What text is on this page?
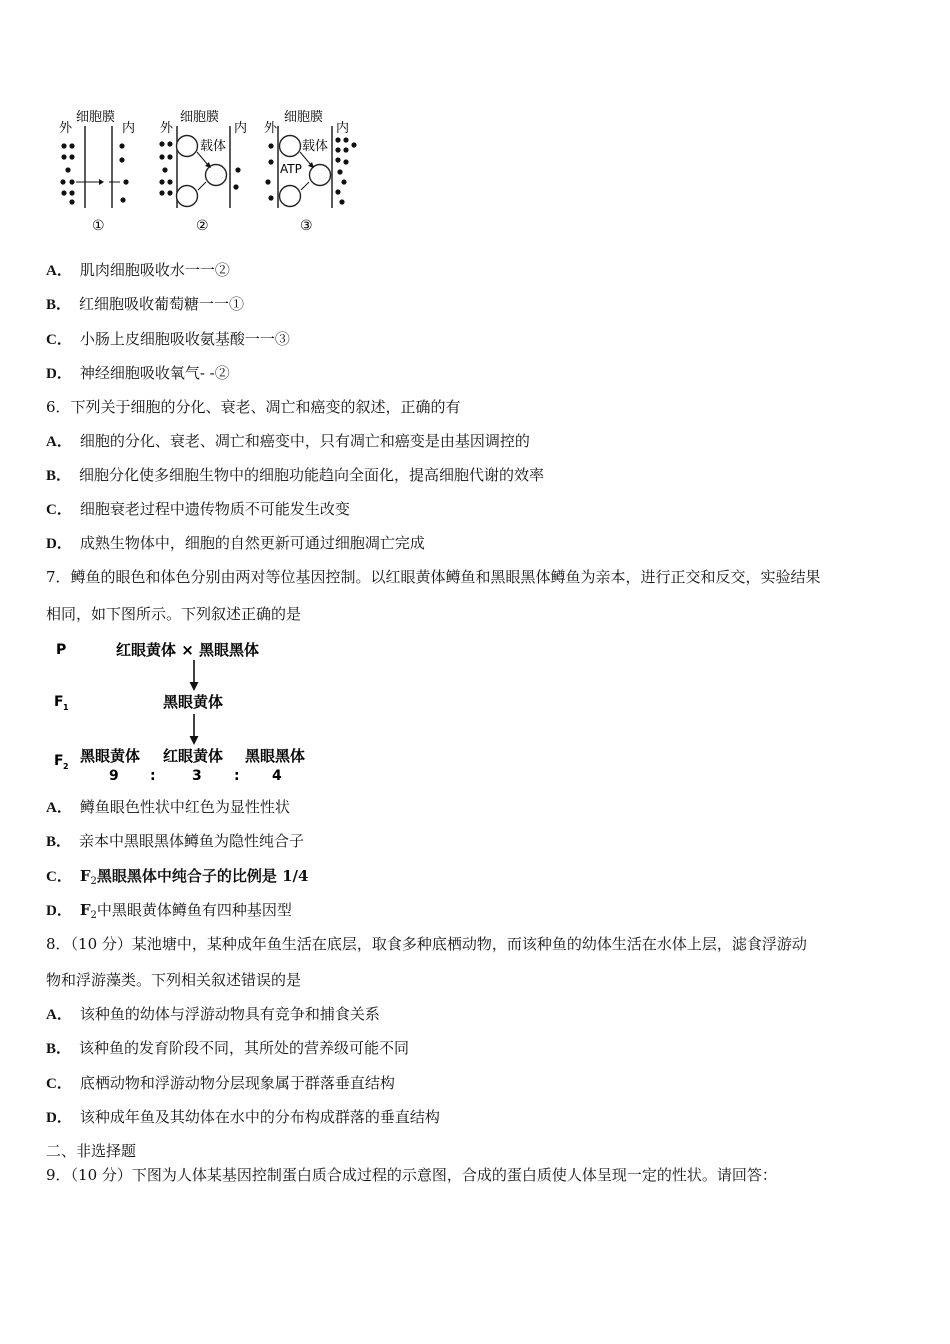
细胞膜
外	内
①
细胞膜
外	内
载体
②
细胞膜
外	内
载体
ATP
③
A． 肌肉细胞吸收水一一②
B． 红细胞吸收葡萄糖一一①
C． 小肠上皮细胞吸收氨基酸一一③
D． 神经细胞吸收氧气- -②
6．下列关于细胞的分化、衰老、凋亡和癌变的叙述，正确的有
A． 细胞的分化、衰老、凋亡和癌变中，只有凋亡和癌变是由基因调控的
B． 细胞分化使多细胞生物中的细胞功能趋向全面化，提高细胞代谢的效率
C． 细胞衰老过程中遗传物质不可能发生改变
D． 成熟生物体中，细胞的自然更新可通过细胞凋亡完成
7．鳟鱼的眼色和体色分别由两对等位基因控制。以红眼黄体鳟鱼和黑眼黑体鳟鱼为亲本，进行正交和反交，实验结果
相同，如下图所示。下列叙述正确的是
P	红眼黄体 × 黑眼黑体
F 1	黑眼黄体
F 2
黑眼黄体 红眼黄体 黑眼黑体
9 :	3 : 4
A． 鳟鱼眼色性状中红色为显性性状
B． 亲本中黑眼黑体鳟鱼为隐性纯合子
C． $F_2$黑眼黑体中纯合子的比例是 1/4
D． $F_2$中黑眼黄体鳟鱼有四种基因型
8．（10 分）某池塘中，某种成年鱼生活在底层，取食多种底栖动物，而该种鱼的幼体生活在水体上层，滤食浮游动
物和浮游藻类。下列相关叙述错误的是
A． 该种鱼的幼体与浮游动物具有竞争和捕食关系
B． 该种鱼的发育阶段不同，其所处的营养级可能不同
C． 底栖动物和浮游动物分层现象属于群落垂直结构
D． 该种成年鱼及其幼体在水中的分布构成群落的垂直结构
二、非选择题
9．（10 分）下图为人体某基因控制蛋白质合成过程的示意图，合成的蛋白质使人体呈现一定的性状。请回答：
